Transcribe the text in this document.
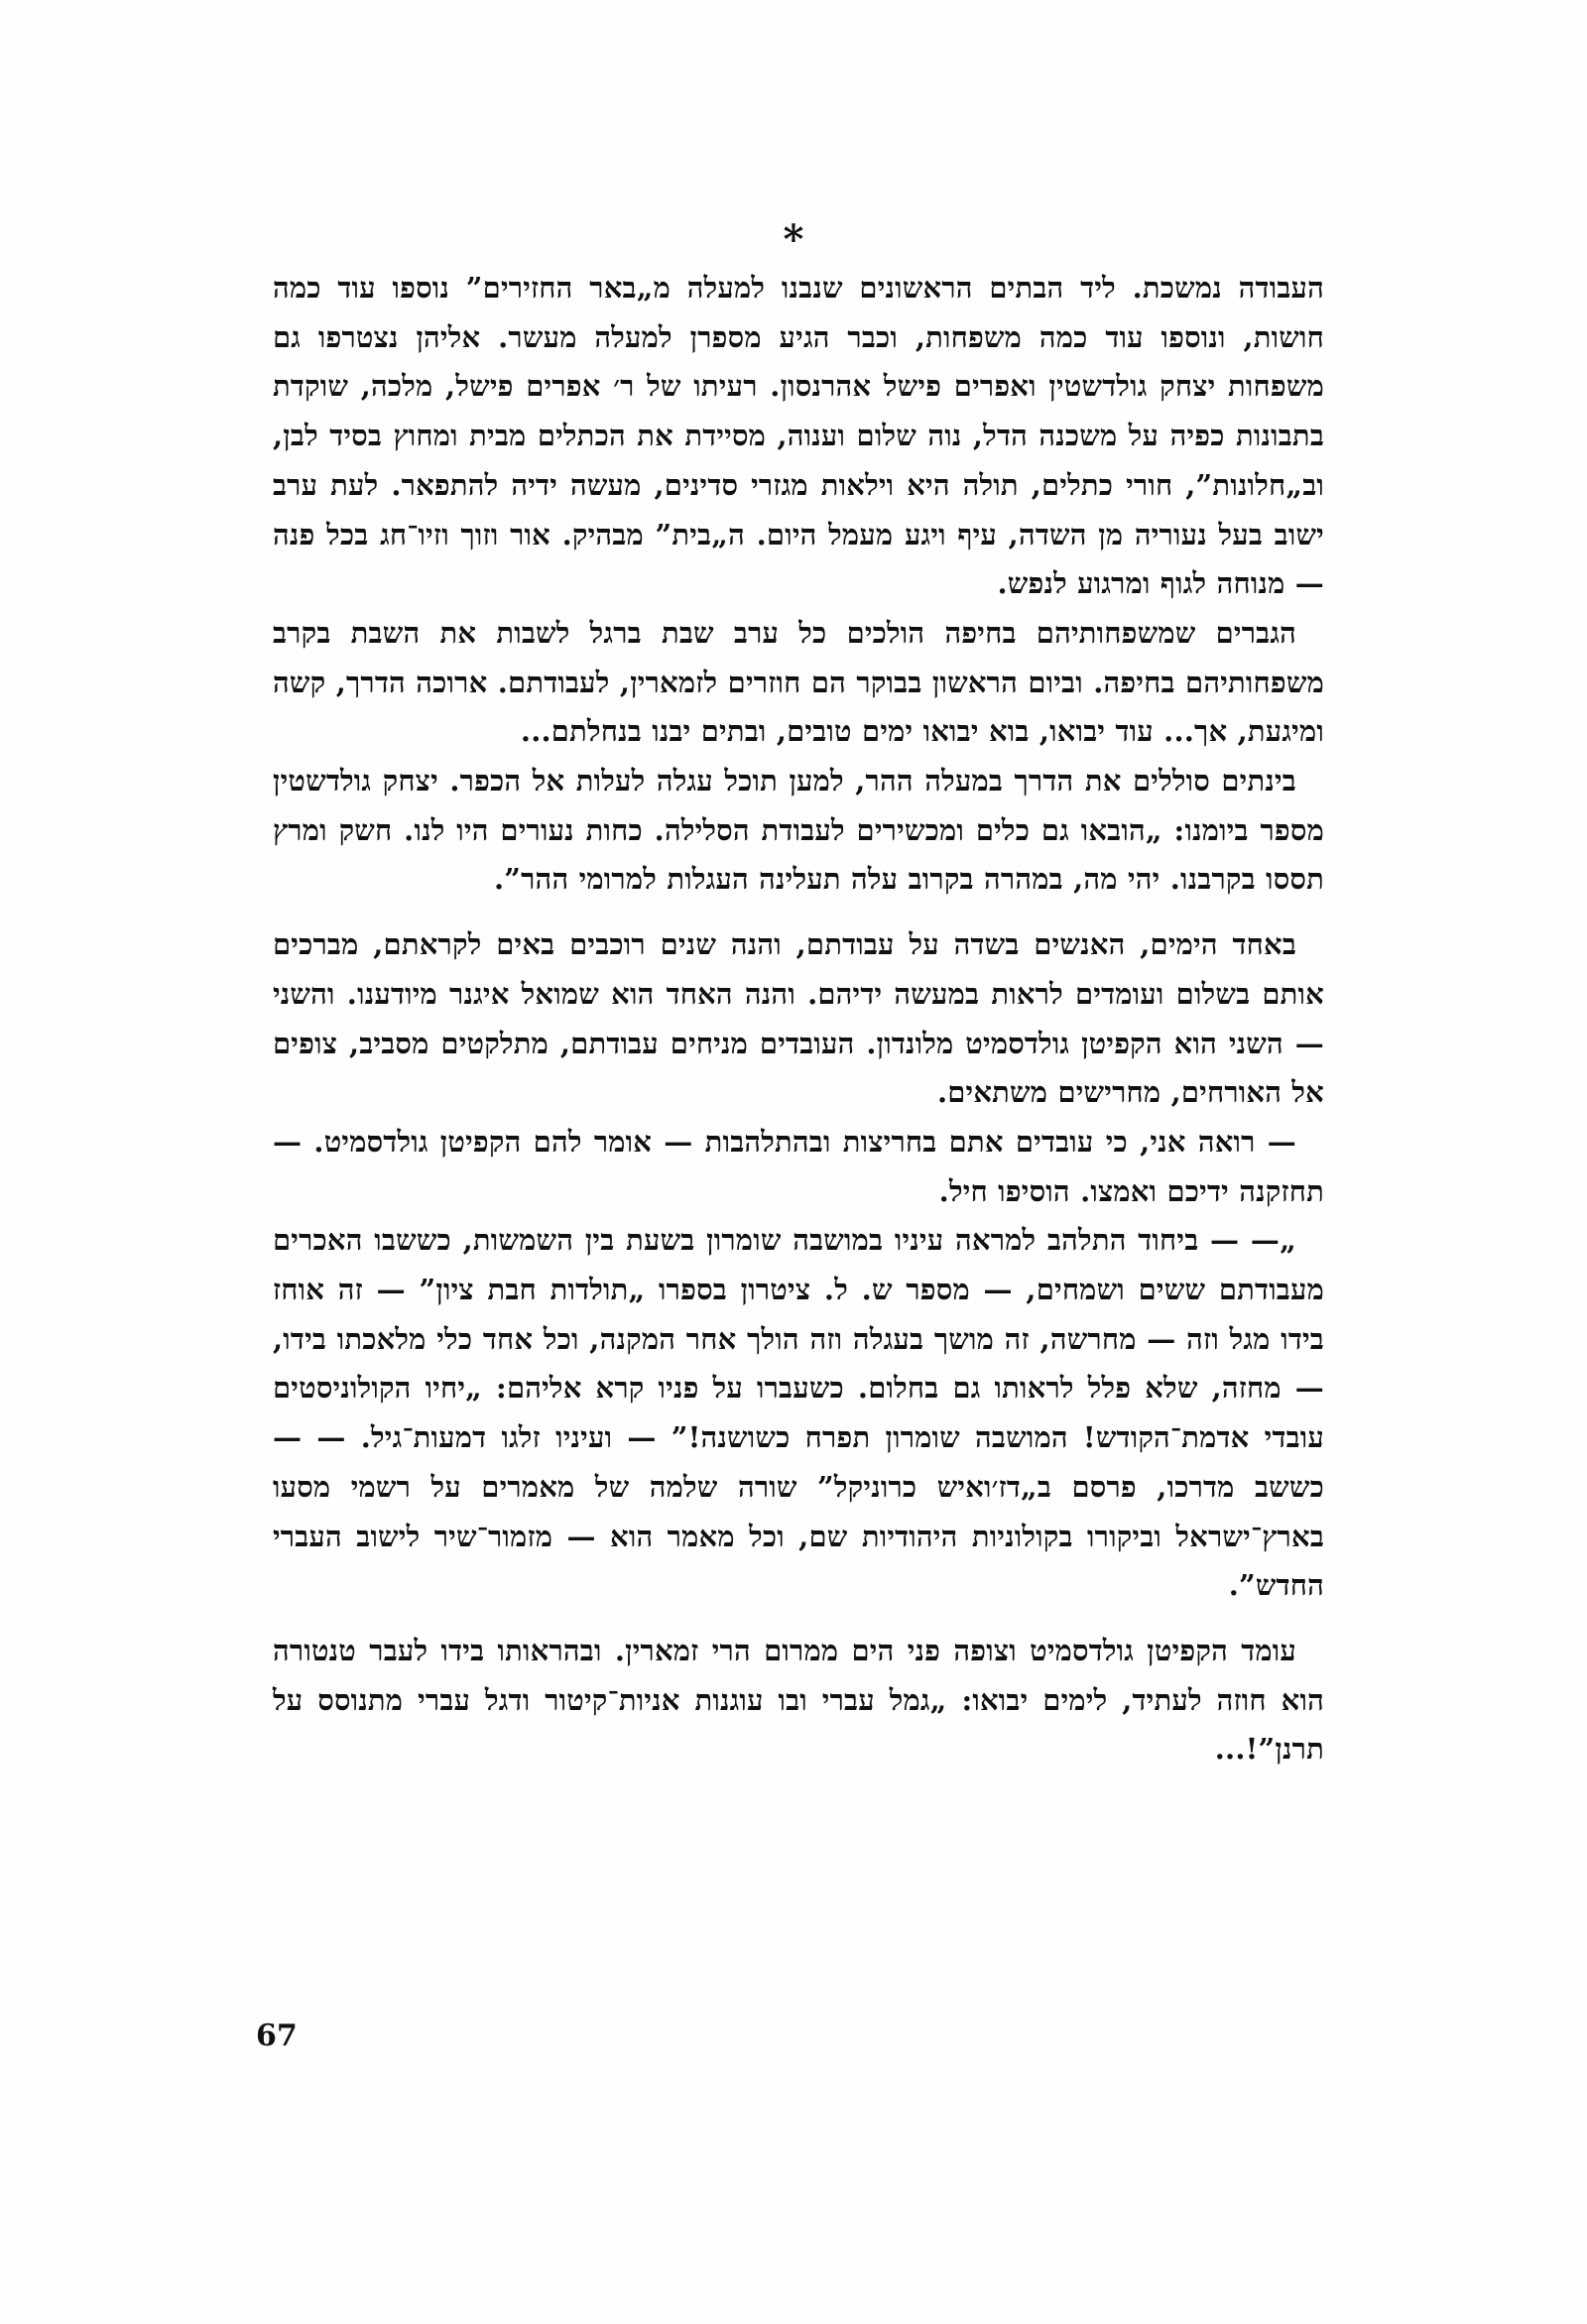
*

העבודה נמשכת. ליד הבתים הראשונים שנבנו למעלה מ„באר החזירים” נוספו עוד כמה חושות, ונוספו עוד כמה משפחות, וכבר הגיע מספרן למעלה מעשר. אליהן נצטרפו גם משפחות יצחק גולדשטין ואפרים פישל אהרנסון. רעיתו של ר׳ אפרים פישל, מלכה, שוקדת בתבונות כפיה על משכנה הדל, נוה שלום וענוה, מסיידת את הכתלים מבית ומחוץ בסיד לבן, וב„חלונות”, חורי כתלים, תולה היא וילאות מגזרי סדינים, מעשה ידיה להתפאר. לעת ערב ישוב בעל נעוריה מן השדה, עיף ויגע מעמל היום. ה„בית” מבהיק. אור וזוך וזיו־חג בכל פנה — מנוחה לגוף ומרגוע לנפש.

הגברים שמשפחותיהם בחיפה הולכים כל ערב שבת ברגל לשבות את השבת בקרב משפחותיהם בחיפה. וביום הראשון בבוקר הם חוזרים לזמארין, לעבודתם. ארוכה הדרך, קשה ומיגעת, אך... עוד יבואו, בוא יבואו ימים טובים, ובתים יבנו בנחלתם...

בינתים סוללים את הדרך במעלה ההר, למען תוכל עגלה לעלות אל הכפר. יצחק גולדשטין מספר ביומנו: „הובאו גם כלים ומכשירים לעבודת הסלילה. כחות נעורים היו לנו. חשק ומרץ תססו בקרבנו. יהי מה, במהרה בקרוב עלה תעלינה העגלות למרומי ההר”.

באחד הימים, האנשים בשדה על עבודתם, והנה שנים רוכבים באים לקראתם, מברכים אותם בשלום ועומדים לראות במעשה ידיהם. והנה האחד הוא שמואל איגנר מיודענו. והשני — השני הוא הקפיטן גולדסמיט מלונדון. העובדים מניחים עבודתם, מתלקטים מסביב, צופים אל האורחים, מחרישים משתאים.

— רואה אני, כי עובדים אתם בחריצות ובהתלהבות — אומר להם הקפיטן גולדסמיט. — תחזקנה ידיכם ואמצו. הוסיפו חיל.

„— — ביחוד התלהב למראה עיניו במושבה שומרון בשעת בין השמשות, כששבו האכרים מעבודתם ששים ושמחים, — מספר ש. ל. ציטרון בספרו „תולדות חבת ציון” — זה אוחז בידו מגל וזה — מחרשה, זה מושך בעגלה וזה הולך אחר המקנה, וכל אחד כלי מלאכתו בידו, — מחזה, שלא פלל לראותו גם בחלום. כשעברו על פניו קרא אליהם: „יחיו הקולוניסטים עובדי אדמת־הקודש! המושבה שומרון תפרח כשושנה!” — ועיניו זלגו דמעות־גיל. — — כששב מדרכו, פרסם ב„דז׳ואיש כרוניקל” שורה שלמה של מאמרים על רשמי מסעו בארץ־ישראל וביקורו בקולוניות היהודיות שם, וכל מאמר הוא — מזמור־שיר לישוב העברי החדש”.

עומד הקפיטן גולדסמיט וצופה פני הים ממרום הרי זמארין. ובהראותו בידו לעבר טנטורה הוא חוזה לעתיד, לימים יבואו: „גמל עברי ובו עוגנות אניות־קיטור ודגל עברי מתנוסס על תרנן”!...

67
